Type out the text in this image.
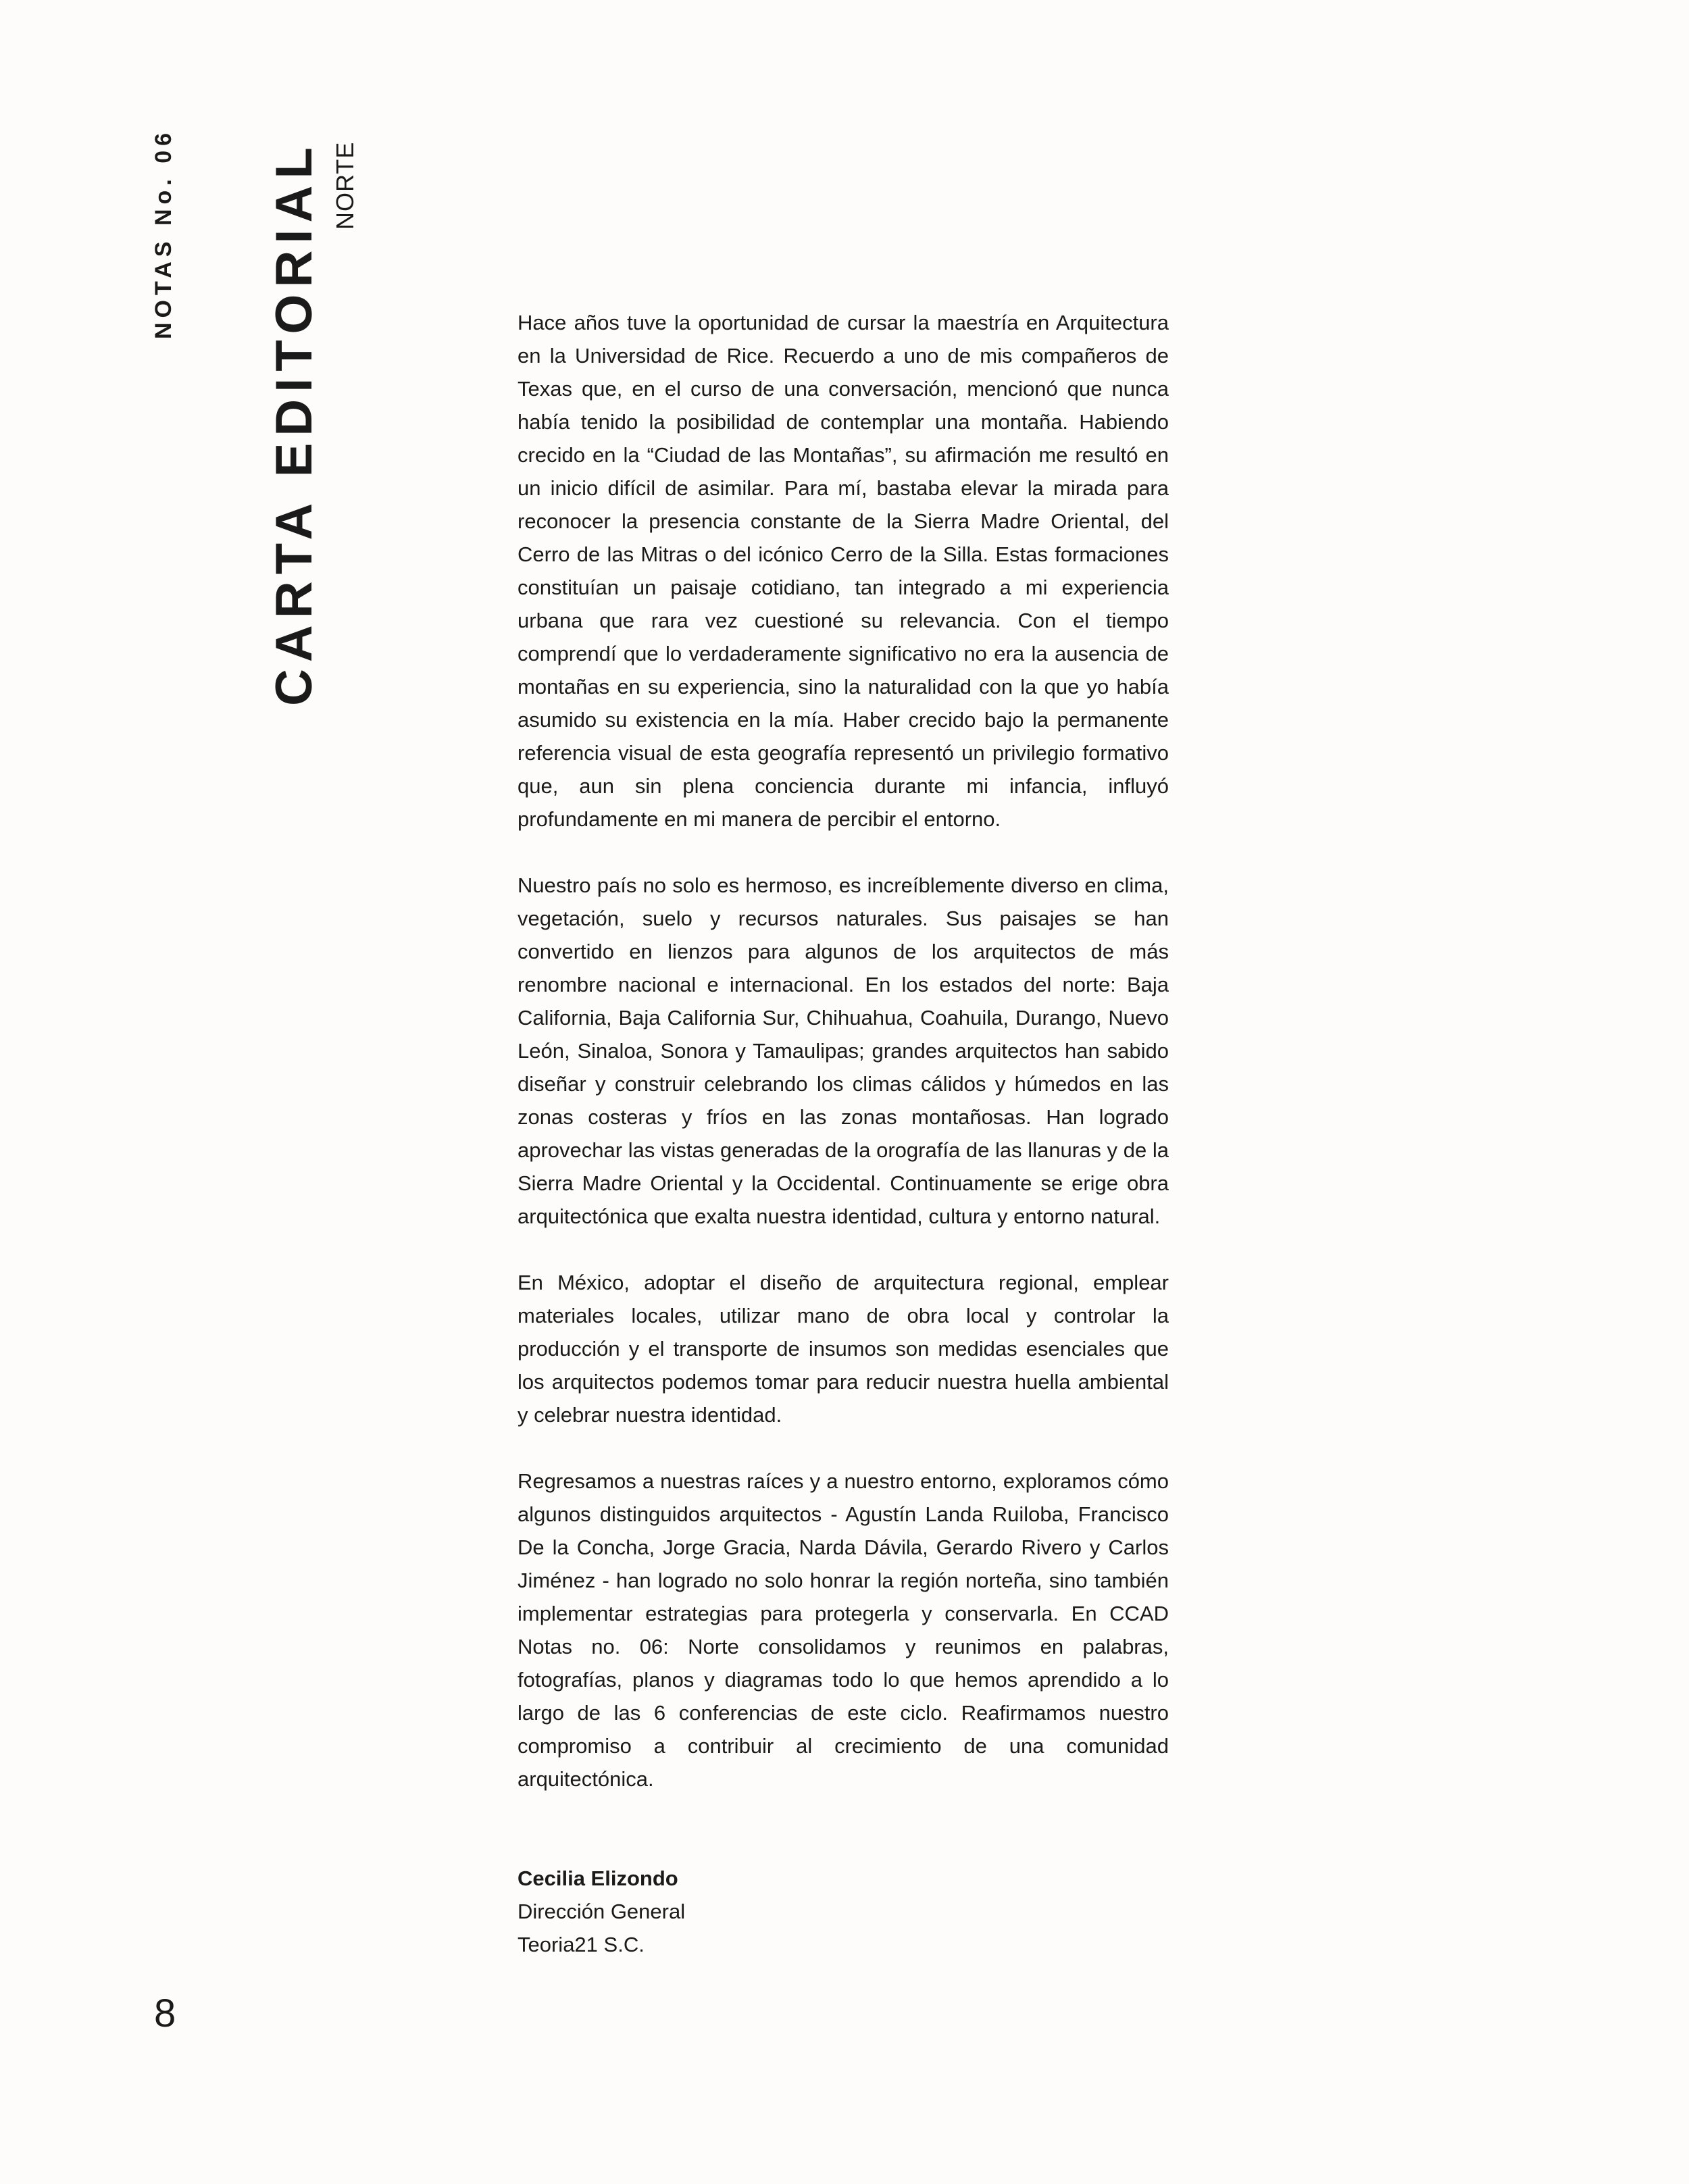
NOTAS
No. 06 CARTA EDITORIAL NORTE

Hace años tuve la oportunidad de cursar la maestría en Arquitectura en la Universidad de Rice. Recuerdo a uno de mis compañeros de Texas que, en el curso de una conversación, mencionó que nunca había tenido la posibilidad de contemplar una montaña. Habiendo crecido en la “Ciudad de las Montañas”, su afirmación me resultó en un inicio difícil de asimilar. Para mí, bastaba elevar la mirada para reconocer la presencia constante de la Sierra Madre Oriental, del Cerro de las Mitras o del icónico Cerro de la Silla. Estas formaciones constituían un paisaje cotidiano, tan integrado a mi experiencia urbana que rara vez cuestioné su relevancia. Con el tiempo comprendí que lo verdaderamente significativo no era la ausencia de montañas en su experiencia, sino la naturalidad con la que yo había asumido su existencia en la mía. Haber crecido bajo la permanente referencia visual de esta geografía representó un privilegio formativo que, aun sin plena conciencia durante mi infancia, influyó profundamente en mi manera de percibir el entorno.

Nuestro país no solo es hermoso, es increíblemente diverso en clima, vegetación, suelo y recursos naturales. Sus paisajes se han convertido en lienzos para algunos de los arquitectos de más renombre nacional e internacional. En los estados del norte: Baja California, Baja California Sur, Chihuahua, Coahuila, Durango, Nuevo León, Sinaloa, Sonora y Tamaulipas; grandes arquitectos han sabido diseñar y construir celebrando los climas cálidos y húmedos en las zonas costeras y fríos en las zonas montañosas. Han logrado aprovechar las vistas generadas de la orografía de las llanuras y de la Sierra Madre Oriental y la Occidental. Continuamente se erige obra arquitectónica que exalta nuestra identidad, cultura y entorno natural.

En México, adoptar el diseño de arquitectura regional, emplear materiales locales, utilizar mano de obra local y controlar la producción y el transporte de insumos son medidas esenciales que los arquitectos podemos tomar para reducir nuestra huella ambiental y celebrar nuestra identidad.

Regresamos a nuestras raíces y a nuestro entorno, exploramos cómo algunos distinguidos arquitectos - Agustín Landa Ruiloba, Francisco De la Concha, Jorge Gracia, Narda Dávila, Gerardo Rivero y Carlos Jiménez - han logrado no solo honrar la región norteña, sino también implementar estrategias para protegerla y conservarla. En CCAD Notas no. 06: Norte consolidamos y reunimos en palabras, fotografías, planos y diagramas todo lo que hemos aprendido a lo largo de las 6 conferencias de este ciclo. Reafirmamos nuestro compromiso a contribuir al crecimiento de una comunidad arquitectónica.

Cecilia Elizondo
Dirección General
Teoria21 S.C.
8
